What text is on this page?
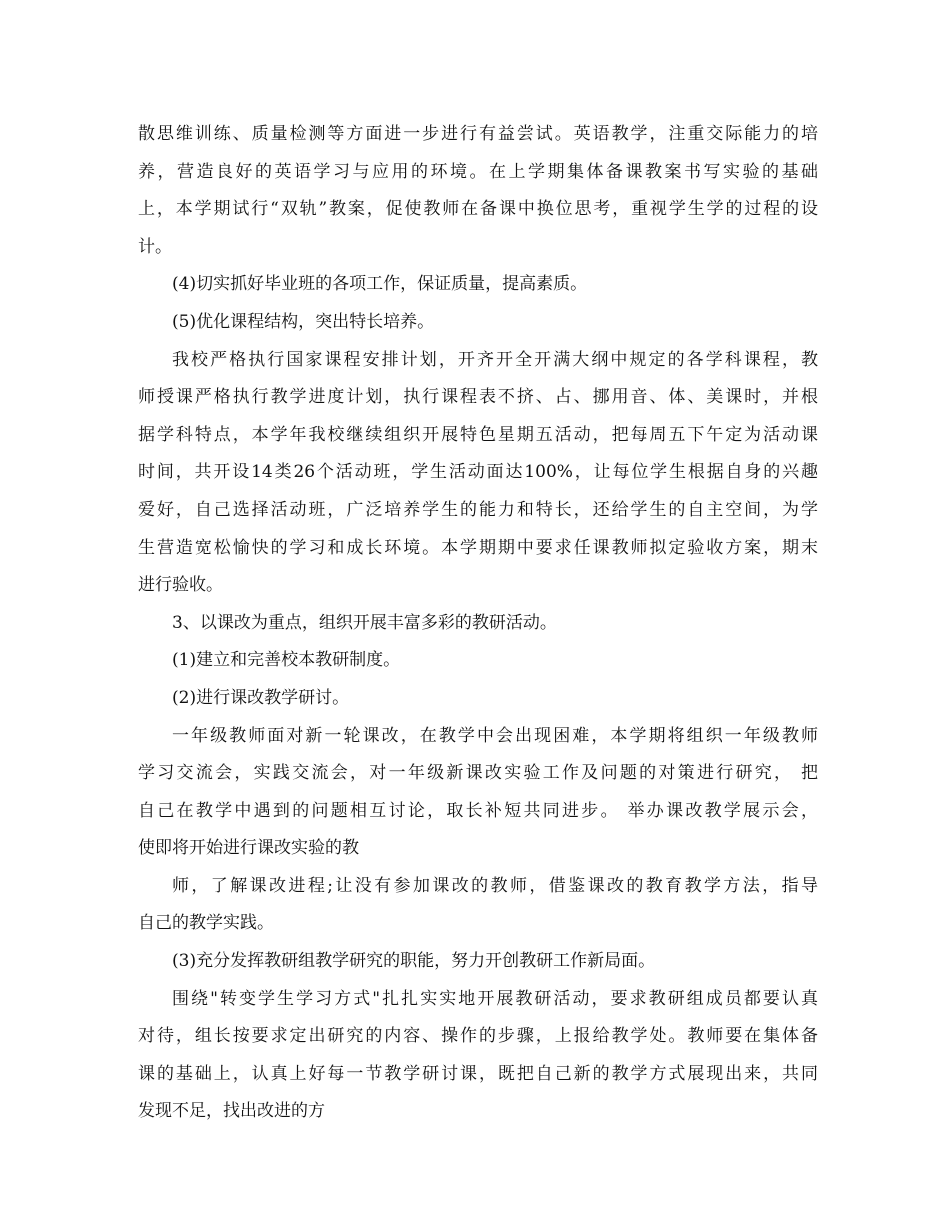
散思维训练、质量检测等方面进一步进行有益尝试。英语教学，注重交际能力的培
养，营造良好的英语学习与应用的环境。在上学期集体备课教案书写实验的基础
上，本学期试行“双轨”教案，促使教师在备课中换位思考，重视学生学的过程的设
计。
(4)切实抓好毕业班的各项工作，保证质量，提高素质。
(5)优化课程结构，突出特长培养。
我校严格执行国家课程安排计划，开齐开全开满大纲中规定的各学科课程，教
师授课严格执行教学进度计划，执行课程表不挤、占、挪用音、体、美课时，并根
据学科特点，本学年我校继续组织开展特色星期五活动，把每周五下午定为活动课
时间，共开设14类26个活动班，学生活动面达100%，让每位学生根据自身的兴趣
爱好，自己选择活动班，广泛培养学生的能力和特长，还给学生的自主空间，为学
生营造宽松愉快的学习和成长环境。本学期期中要求任课教师拟定验收方案，期末
进行验收。
3、以课改为重点，组织开展丰富多彩的教研活动。
(1)建立和完善校本教研制度。
(2)进行课改教学研讨。
一年级教师面对新一轮课改，在教学中会出现困难，本学期将组织一年级教师
学习交流会，实践交流会，对一年级新课改实验工作及问题的对策进行研究， 把
自己在教学中遇到的问题相互讨论，取长补短共同进步。 举办课改教学展示会，
使即将开始进行课改实验的教
师，了解课改进程;让没有参加课改的教师，借鉴课改的教育教学方法，指导
自己的教学实践。
(3)充分发挥教研组教学研究的职能，努力开创教研工作新局面。
围绕"转变学生学习方式"扎扎实实地开展教研活动，要求教研组成员都要认真
对待，组长按要求定出研究的内容、操作的步骤，上报给教学处。教师要在集体备
课的基础上，认真上好每一节教学研讨课，既把自己新的教学方式展现出来，共同
发现不足，找出改进的方
